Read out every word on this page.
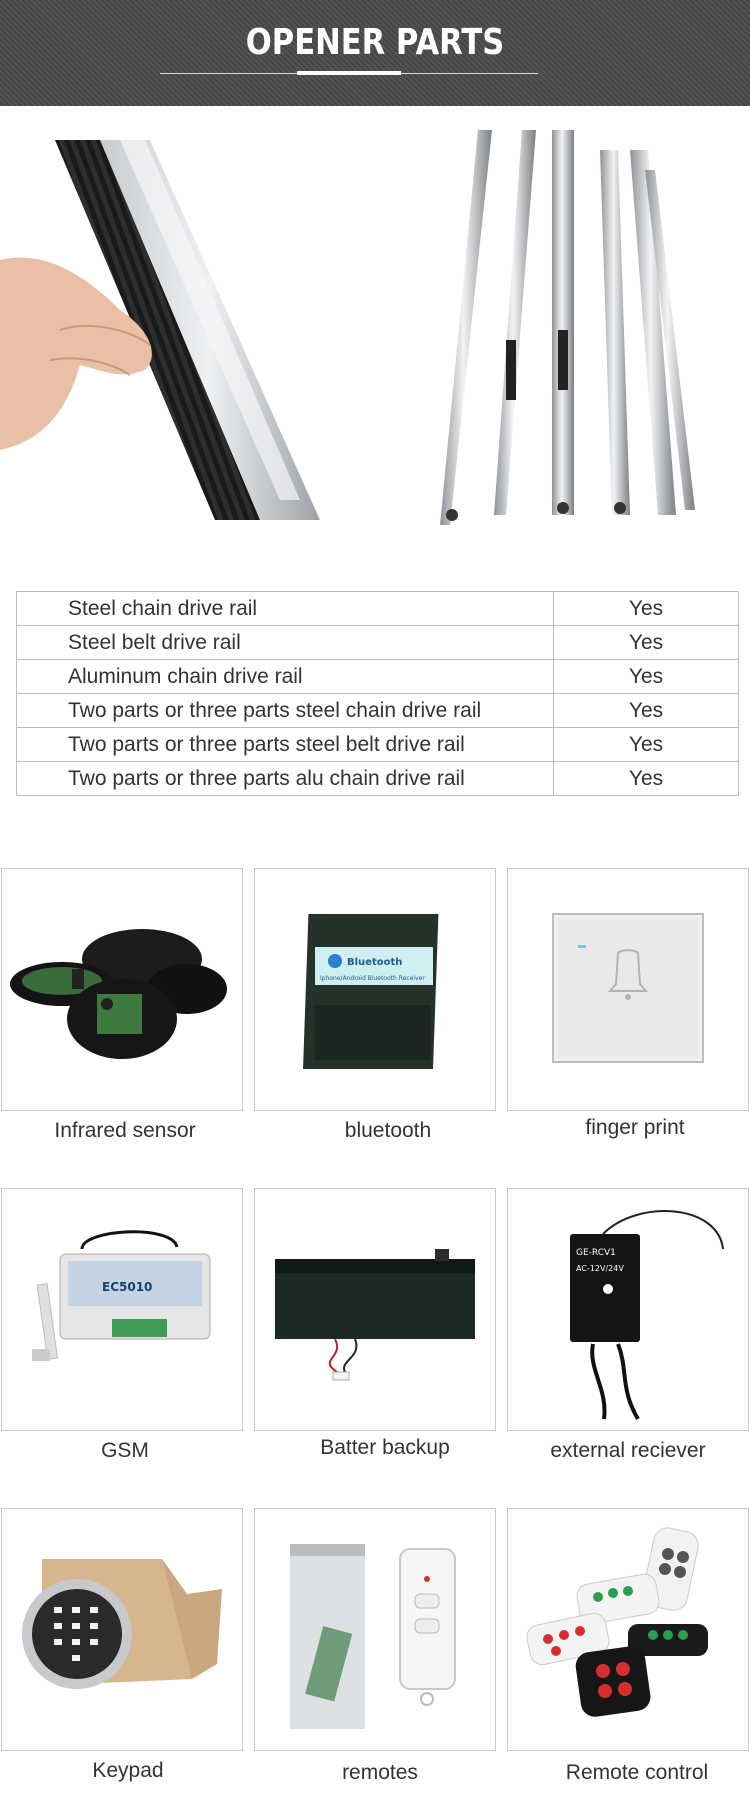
OPENER PARTS
Steel chain drive rail	Yes
Steel belt drive rail	Yes
Aluminum chain drive rail	Yes
Two parts or three parts steel chain drive rail	Yes
Two parts or three parts steel belt drive rail	Yes
Two parts or three parts alu chain drive rail	Yes
Infrared sensor
Bluetooth
Iphone/Android Bluetooth Receiver
bluetooth	finger print
EC5010
GSM	Batter backup
GE-RCV1
AC-12V/24V
external reciever
Keypad	remotes	Remote control
